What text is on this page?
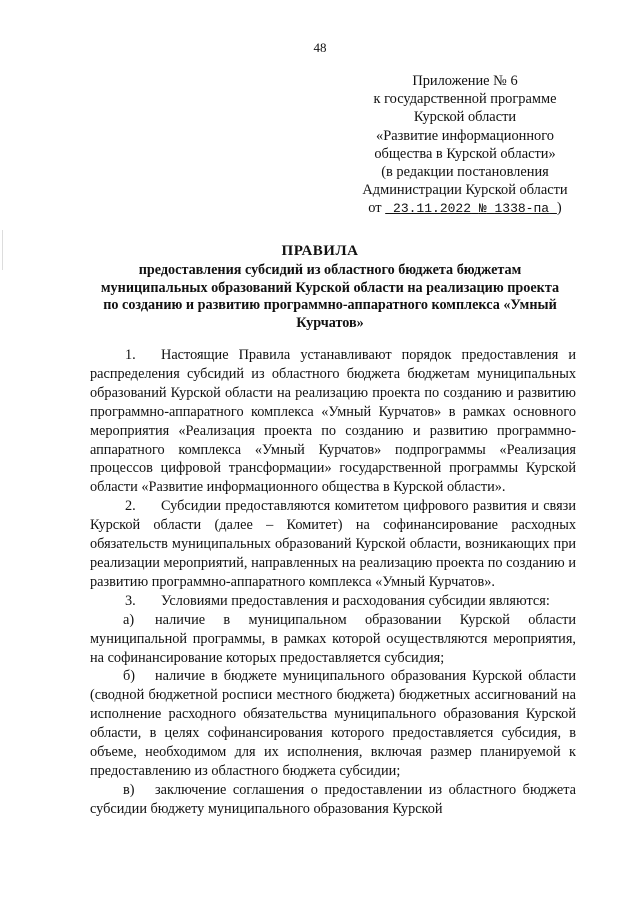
48
Приложение № 6
к государственной программе
Курской области
«Развитие информационного
общества в Курской области»
(в редакции постановления
Администрации Курской области
от 23.11.2022 № 1338-па )
ПРАВИЛА
предоставления субсидий из областного бюджета бюджетам
муниципальных образований Курской области на реализацию проекта
по созданию и развитию программно-аппаратного комплекса «Умный
Курчатов»

1. Настоящие Правила устанавливают порядок предоставления и распределения субсидий из областного бюджета бюджетам муниципальных образований Курской области на реализацию проекта по созданию и развитию программно-аппаратного комплекса «Умный Курчатов» в рамках основного мероприятия «Реализация проекта по созданию и развитию программно-аппаратного комплекса «Умный Курчатов» подпрограммы «Реализация процессов цифровой трансформации» государственной программы Курской области «Развитие информационного общества в Курской области».

2. Субсидии предоставляются комитетом цифрового развития и связи Курской области (далее – Комитет) на софинансирование расходных обязательств муниципальных образований Курской области, возникающих при реализации мероприятий, направленных на реализацию проекта по созданию и развитию программно-аппаратного комплекса «Умный Курчатов».

3. Условиями предоставления и расходования субсидии являются:

а) наличие в муниципальном образовании Курской области муниципальной программы, в рамках которой осуществляются мероприятия, на софинансирование которых предоставляется субсидия;

б) наличие в бюджете муниципального образования Курской области (сводной бюджетной росписи местного бюджета) бюджетных ассигнований на исполнение расходного обязательства муниципального образования Курской области, в целях софинансирования которого предоставляется субсидия, в объеме, необходимом для их исполнения, включая размер планируемой к предоставлению из областного бюджета субсидии;

в) заключение соглашения о предоставлении из областного бюджета субсидии бюджету муниципального образования Курской
